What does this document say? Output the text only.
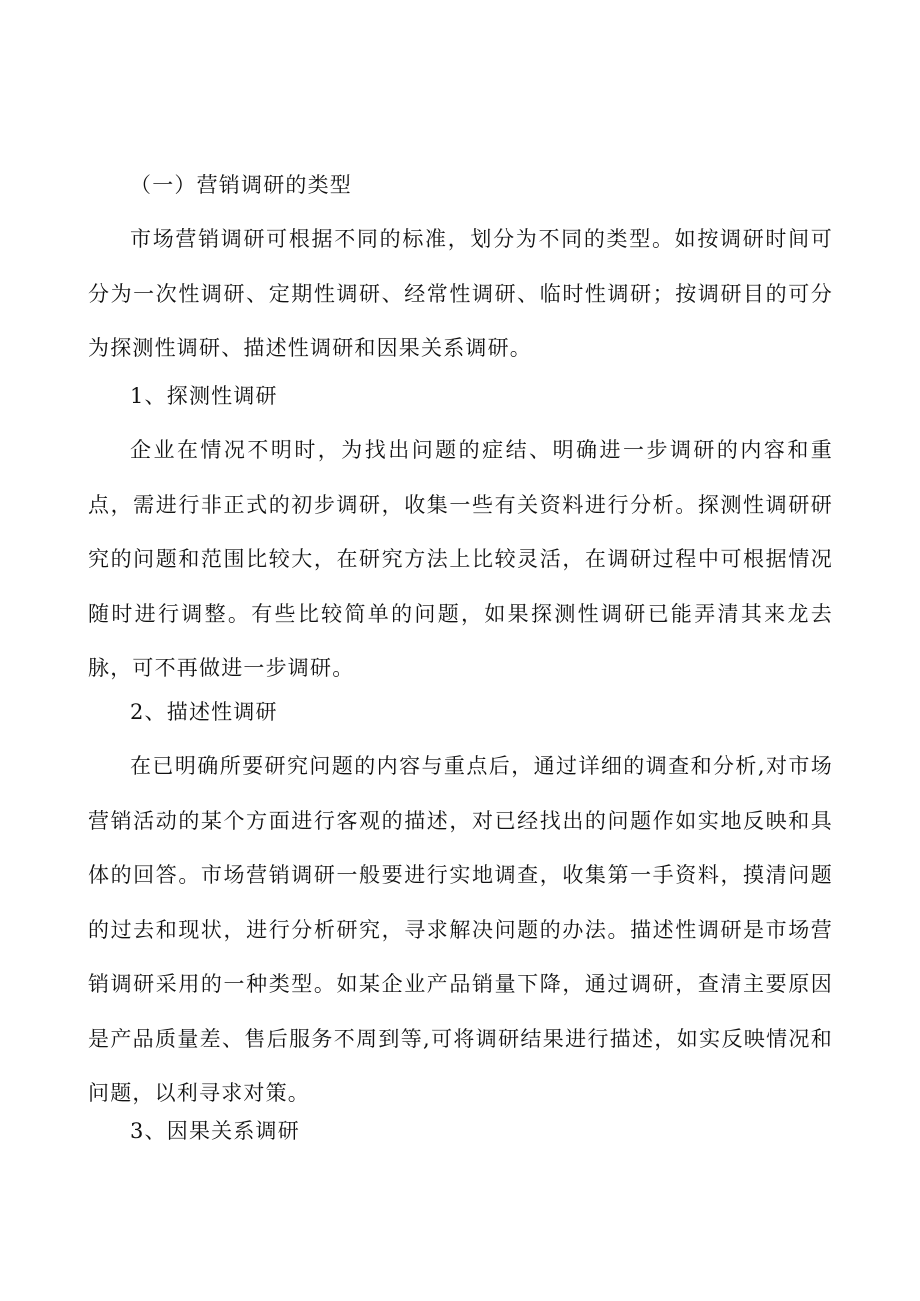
（一）营销调研的类型

市场营销调研可根据不同的标准，划分为不同的类型。如按调研时间可分为一次性调研、定期性调研、经常性调研、临时性调研；按调研目的可分为探测性调研、描述性调研和因果关系调研。

1、探测性调研

企业在情况不明时，为找出问题的症结、明确进一步调研的内容和重点，需进行非正式的初步调研，收集一些有关资料进行分析。探测性调研研究的问题和范围比较大，在研究方法上比较灵活，在调研过程中可根据情况随时进行调整。有些比较简单的问题，如果探测性调研已能弄清其来龙去脉，可不再做进一步调研。

2、描述性调研

在已明确所要研究问题的内容与重点后，通过详细的调查和分析,对市场营销活动的某个方面进行客观的描述，对已经找出的问题作如实地反映和具体的回答。市场营销调研一般要进行实地调查，收集第一手资料，摸清问题的过去和现状，进行分析研究，寻求解决问题的办法。描述性调研是市场营销调研采用的一种类型。如某企业产品销量下降，通过调研，查清主要原因是产品质量差、售后服务不周到等,可将调研结果进行描述，如实反映情况和问题，以利寻求对策。

3、因果关系调研
